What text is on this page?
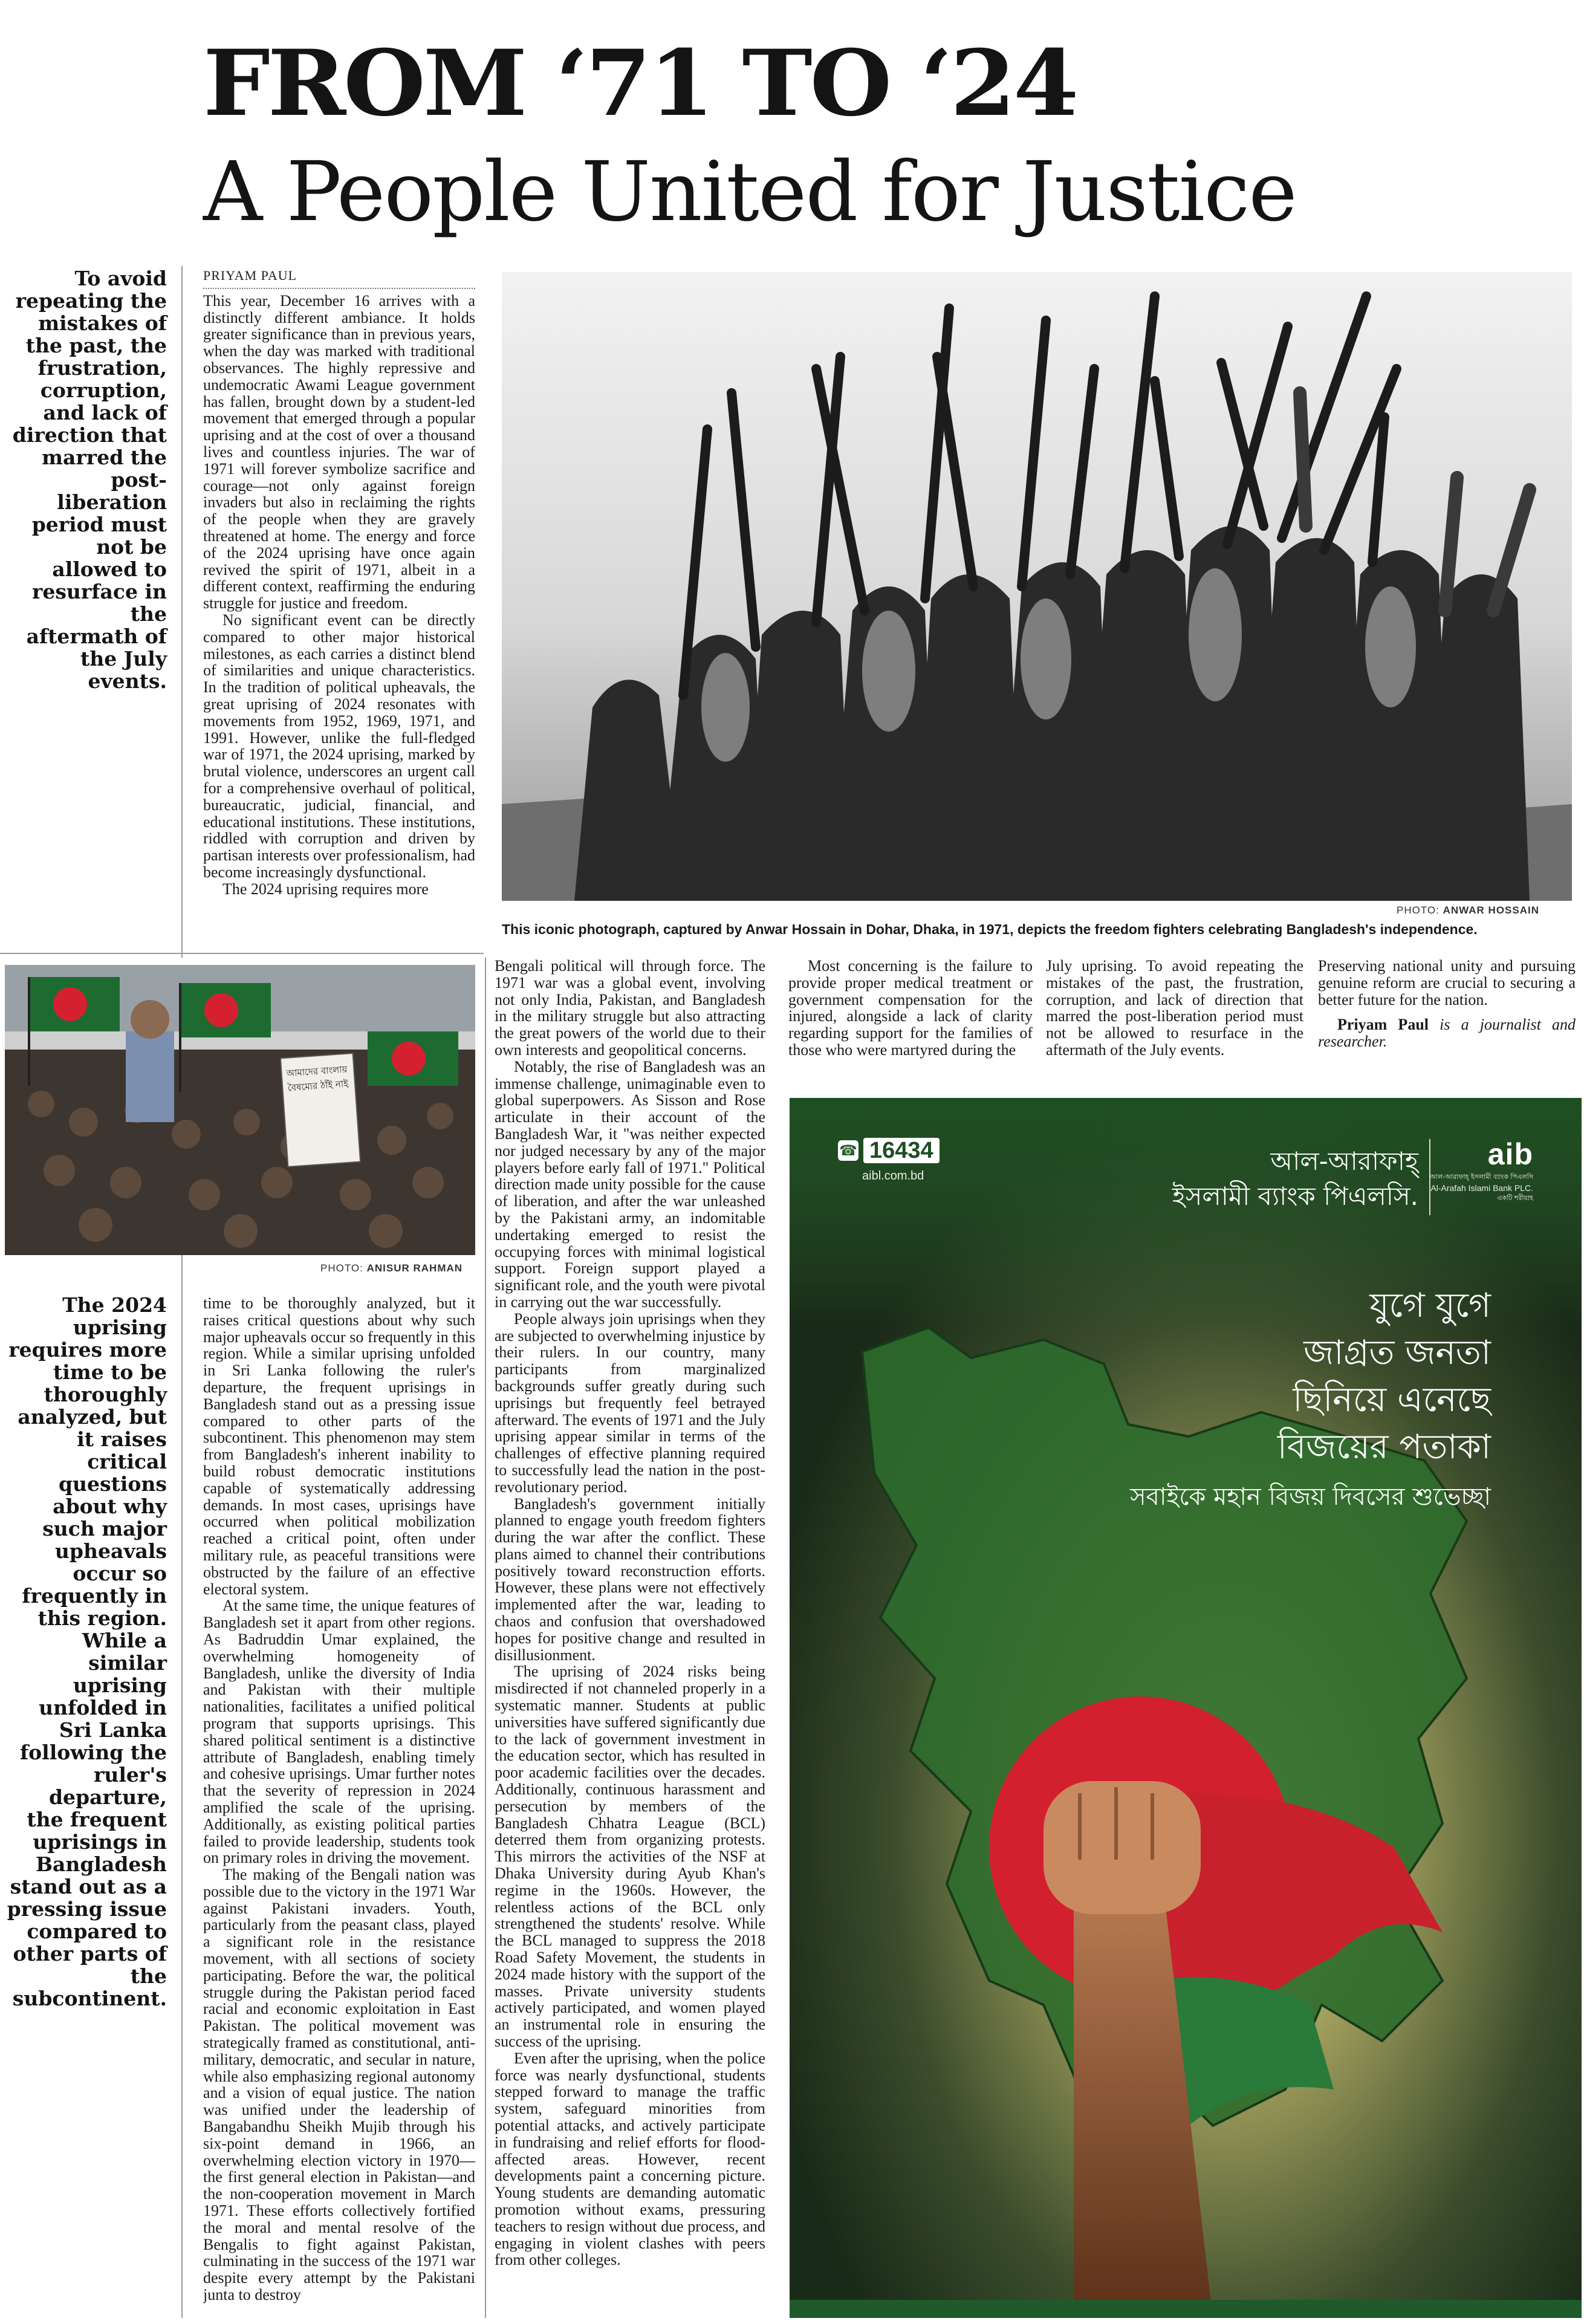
FROM ‘71 TO ‘24
A People United for Justice

To avoid repeating the mistakes of the past, the frustration, corruption, and lack of direction that marred the post-liberation period must not be allowed to resurface in the aftermath of the July events.

PRIYAM PAUL

This year, December 16 arrives with a distinctly different ambiance. It holds greater significance than in previous years, when the day was marked with traditional observances. The highly repressive and undemocratic Awami League government has fallen, brought down by a student-led movement that emerged through a popular uprising and at the cost of over a thousand lives and countless injuries. The war of 1971 will forever symbolize sacrifice and courage—not only against foreign invaders but also in reclaiming the rights of the people when they are gravely threatened at home. The energy and force of the 2024 uprising have once again revived the spirit of 1971, albeit in a different context, reaffirming the enduring struggle for justice and freedom.

No significant event can be directly compared to other major historical milestones, as each carries a distinct blend of similarities and unique characteristics. In the tradition of political upheavals, the great uprising of 2024 resonates with movements from 1952, 1969, 1971, and 1991. However, unlike the full-fledged war of 1971, the 2024 uprising, marked by brutal violence, underscores an urgent call for a comprehensive overhaul of political, bureaucratic, judicial, financial, and educational institutions. These institutions, riddled with corruption and driven by partisan interests over professionalism, had become increasingly dysfunctional.

The 2024 uprising requires more

PHOTO: ANWAR HOSSAIN
This iconic photograph, captured by Anwar Hossain in Dohar, Dhaka, in 1971, depicts the freedom fighters celebrating Bangladesh's independence.
আমাদের বাংলায় বৈষম্যের ঠাঁই নাই
PHOTO: ANISUR RAHMAN

The 2024 uprising requires more time to be thoroughly analyzed, but it raises critical questions about why such major upheavals occur so frequently in this region. While a similar uprising unfolded in Sri Lanka following the ruler's departure, the frequent uprisings in Bangladesh stand out as a pressing issue compared to other parts of the subcontinent.

time to be thoroughly analyzed, but it raises critical questions about why such major upheavals occur so frequently in this region. While a similar uprising unfolded in Sri Lanka following the ruler's departure, the frequent uprisings in Bangladesh stand out as a pressing issue compared to other parts of the subcontinent. This phenomenon may stem from Bangladesh's inherent inability to build robust democratic institutions capable of systematically addressing demands. In most cases, uprisings have occurred when political mobilization reached a critical point, often under military rule, as peaceful transitions were obstructed by the failure of an effective electoral system.

At the same time, the unique features of Bangladesh set it apart from other regions. As Badruddin Umar explained, the overwhelming homogeneity of Bangladesh, unlike the diversity of India and Pakistan with their multiple nationalities, facilitates a unified political program that supports uprisings. This shared political sentiment is a distinctive attribute of Bangladesh, enabling timely and cohesive uprisings. Umar further notes that the severity of repression in 2024 amplified the scale of the uprising. Additionally, as existing political parties failed to provide leadership, students took on primary roles in driving the movement.

The making of the Bengali nation was possible due to the victory in the 1971 War against Pakistani invaders. Youth, particularly from the peasant class, played a significant role in the resistance movement, with all sections of society participating. Before the war, the political struggle during the Pakistan period faced racial and economic exploitation in East Pakistan. The political movement was strategically framed as constitutional, anti-military, democratic, and secular in nature, while also emphasizing regional autonomy and a vision of equal justice. The nation was unified under the leadership of Bangabandhu Sheikh Mujib through his six-point demand in 1966, an overwhelming election victory in 1970—the first general election in Pakistan—and the non-cooperation movement in March 1971. These efforts collectively fortified the moral and mental resolve of the Bengalis to fight against Pakistan, culminating in the success of the 1971 war despite every attempt by the Pakistani junta to destroy

Bengali political will through force. The 1971 war was a global event, involving not only India, Pakistan, and Bangladesh in the military struggle but also attracting the great powers of the world due to their own interests and geopolitical concerns.

Notably, the rise of Bangladesh was an immense challenge, unimaginable even to global superpowers. As Sisson and Rose articulate in their account of the Bangladesh War, it "was neither expected nor judged necessary by any of the major players before early fall of 1971." Political direction made unity possible for the cause of liberation, and after the war unleashed by the Pakistani army, an indomitable undertaking emerged to resist the occupying forces with minimal logistical support. Foreign support played a significant role, and the youth were pivotal in carrying out the war successfully.

People always join uprisings when they are subjected to overwhelming injustice by their rulers. In our country, many participants from marginalized backgrounds suffer greatly during such uprisings but frequently feel betrayed afterward. The events of 1971 and the July uprising appear similar in terms of the challenges of effective planning required to successfully lead the nation in the post-revolutionary period.

Bangladesh's government initially planned to engage youth freedom fighters during the war after the conflict. These plans aimed to channel their contributions positively toward reconstruction efforts. However, these plans were not effectively implemented after the war, leading to chaos and confusion that overshadowed hopes for positive change and resulted in disillusionment.

The uprising of 2024 risks being misdirected if not channeled properly in a systematic manner. Students at public universities have suffered significantly due to the lack of government investment in the education sector, which has resulted in poor academic facilities over the decades. Additionally, continuous harassment and persecution by members of the Bangladesh Chhatra League (BCL) deterred them from organizing protests. This mirrors the activities of the NSF at Dhaka University during Ayub Khan's regime in the 1960s. However, the relentless actions of the BCL only strengthened the students' resolve. While the BCL managed to suppress the 2018 Road Safety Movement, the students in 2024 made history with the support of the masses. Private university students actively participated, and women played an instrumental role in ensuring the success of the uprising.

Even after the uprising, when the police force was nearly dysfunctional, students stepped forward to manage the traffic system, safeguard minorities from potential attacks, and actively participate in fundraising and relief efforts for flood-affected areas. However, recent developments paint a concerning picture. Young students are demanding automatic promotion without exams, pressuring teachers to resign without due process, and engaging in violent clashes with peers from other colleges.

Most concerning is the failure to provide proper medical treatment or government compensation for the injured, alongside a lack of clarity regarding support for the families of those who were martyred during the

July uprising. To avoid repeating the mistakes of the past, the frustration, corruption, and lack of direction that marred the post-liberation period must not be allowed to resurface in the aftermath of the July events.

Preserving national unity and pursuing genuine reform are crucial to securing a better future for the nation.

Priyam Paul is a journalist and researcher.

☎ 16434
aibl.com.bd	আল-আরাফাহ্
ইসলামী ব্যাংক পিএলসি.
aib
আল-আরাফাহ্ ইসলামী ব্যাংক পিএলসি
Al-Arafah Islami Bank PLC.
একটি শরীয়াহ
যুগে যুগে
জাগ্রত জনতা
ছিনিয়ে এনেছে
বিজয়ের পতাকা
সবাইকে মহান বিজয় দিবসের শুভেচ্ছা
